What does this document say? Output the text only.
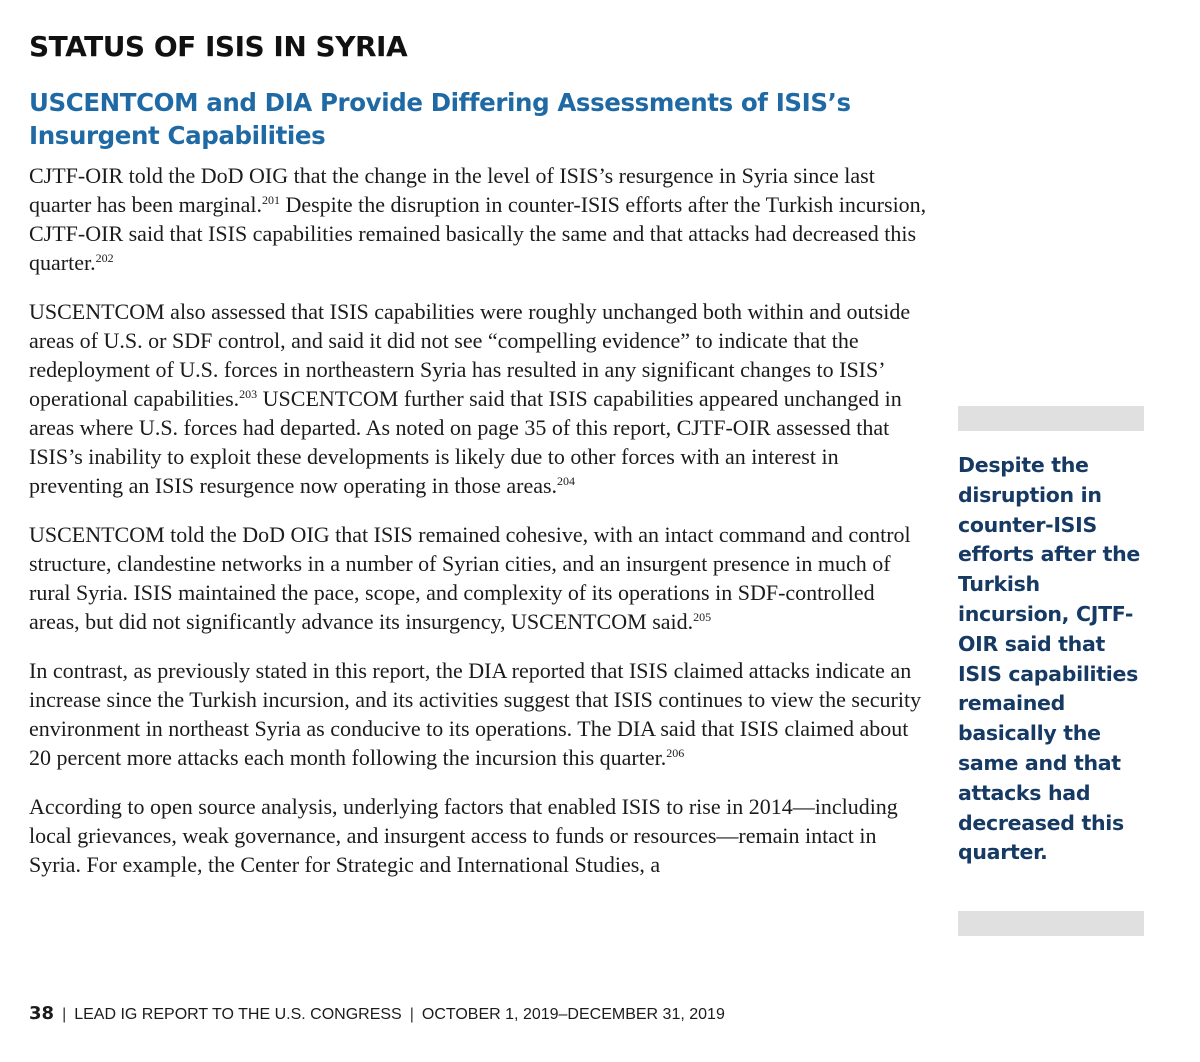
STATUS OF ISIS IN SYRIA
USCENTCOM and DIA Provide Differing Assessments of ISIS’s
Insurgent Capabilities

CJTF-OIR told the DoD OIG that the change in the level of ISIS’s resurgence in Syria since last quarter has been marginal.$^{201}$ Despite the disruption in counter-ISIS efforts after the Turkish incursion, CJTF-OIR said that ISIS capabilities remained basically the same and that attacks had decreased this quarter.$^{202}$

USCENTCOM also assessed that ISIS capabilities were roughly unchanged both within and outside areas of U.S. or SDF control, and said it did not see “compelling evidence” to indicate that the redeployment of U.S. forces in northeastern Syria has resulted in any significant changes to ISIS’ operational capabilities.$^{203}$ USCENTCOM further said that ISIS capabilities appeared unchanged in areas where U.S. forces had departed. As noted on page 35 of this report, CJTF-OIR assessed that ISIS’s inability to exploit these developments is likely due to other forces with an interest in preventing an ISIS resurgence now operating in those areas.$^{204}$

USCENTCOM told the DoD OIG that ISIS remained cohesive, with an intact command and control structure, clandestine networks in a number of Syrian cities, and an insurgent presence in much of rural Syria. ISIS maintained the pace, scope, and complexity of its operations in SDF-controlled areas, but did not significantly advance its insurgency, USCENTCOM said.$^{205}$

In contrast, as previously stated in this report, the DIA reported that ISIS claimed attacks indicate an increase since the Turkish incursion, and its activities suggest that ISIS continues to view the security environment in northeast Syria as conducive to its operations. The DIA said that ISIS claimed about 20 percent more attacks each month following the incursion this quarter.$^{206}$

According to open source analysis, underlying factors that enabled ISIS to rise in 2014—including local grievances, weak governance, and insurgent access to funds or resources—remain intact in Syria. For example, the Center for Strategic and International Studies, a

Despite the disruption in counter-ISIS efforts after the Turkish incursion, CJTF-OIR said that ISIS capabilities remained basically the same and that attacks had decreased this quarter.
38 | LEAD IG REPORT TO THE U.S. CONGRESS | OCTOBER 1, 2019–DECEMBER 31, 2019
